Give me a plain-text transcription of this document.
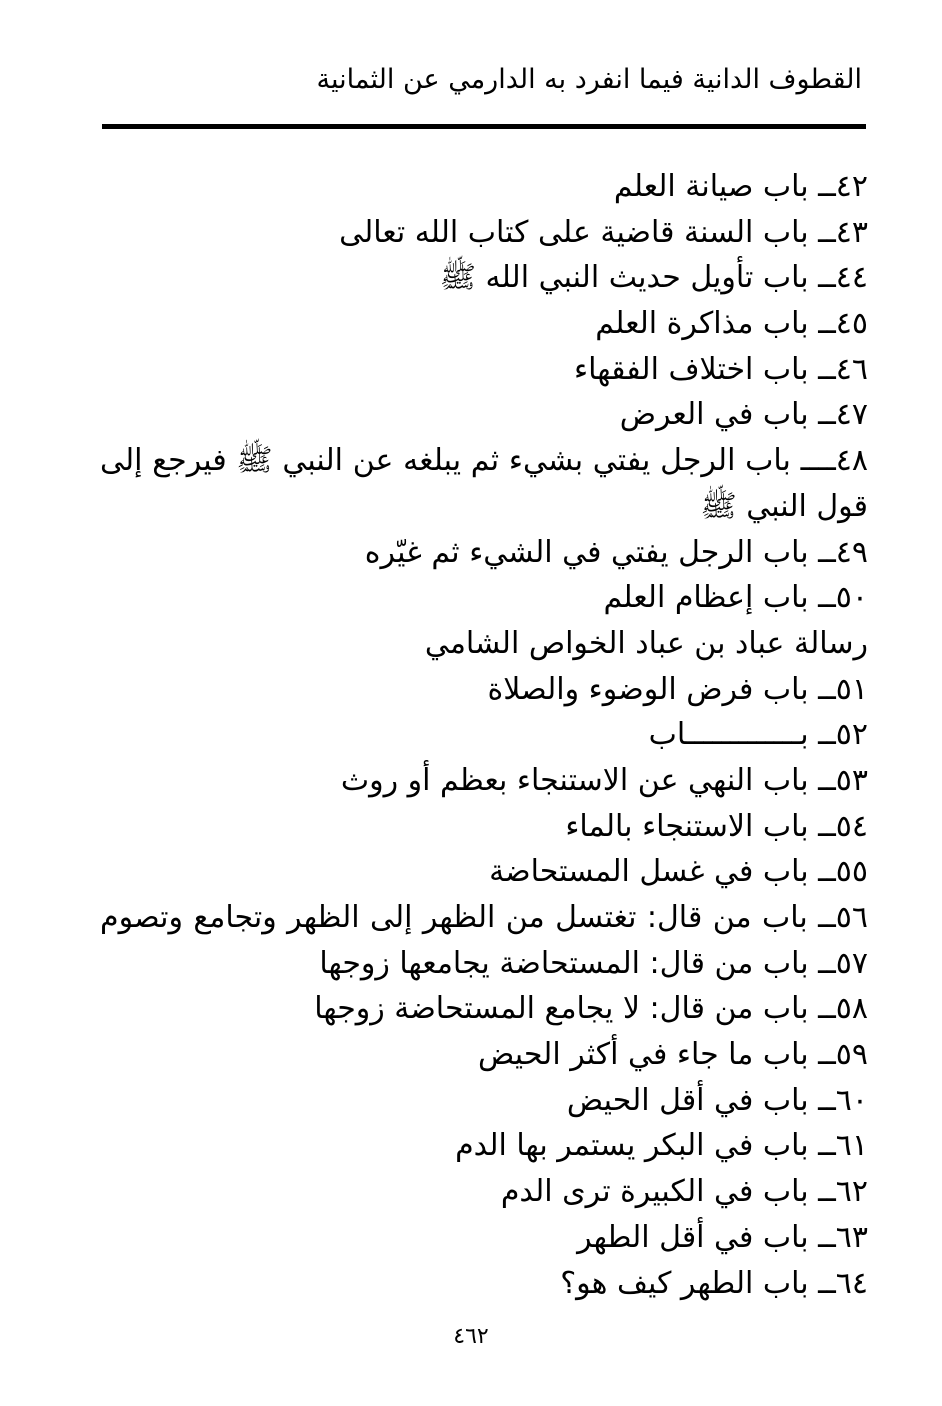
القطوف الدانية فيما انفرد به الدارمي عن الثمانية
٤٢ــ باب صيانة العلم
٤٣ــ باب السنة قاضية على كتاب الله تعالى
٤٤ــ باب تأويل حديث النبي الله ﷺ
٤٥ــ باب مذاكرة العلم
٤٦ــ باب اختلاف الفقهاء
٤٧ــ باب في العرض
٤٨ــــ باب الرجل يفتي بشيء ثم يبلغه عن النبي ﷺ فيرجع إلى
قول النبي ﷺ
٤٩ــ باب الرجل يفتي في الشيء ثم غيّره
٥٠ــ باب إعظام العلم
رسالة عباد بن عباد الخواص الشامي
٥١ــ باب فرض الوضوء والصلاة
٥٢ــ بـــــــــــــاب
٥٣ــ باب النهي عن الاستنجاء بعظم أو روث
٥٤ــ باب الاستنجاء بالماء
٥٥ــ باب في غسل المستحاضة
٥٦ــ باب من قال: تغتسل من الظهر إلى الظهر وتجامع وتصوم
٥٧ــ باب من قال: المستحاضة يجامعها زوجها
٥٨ــ باب من قال: لا يجامع المستحاضة زوجها
٥٩ــ باب ما جاء في أكثر الحيض
٦٠ــ باب في أقل الحيض
٦١ــ باب في البكر يستمر بها الدم
٦٢ــ باب في الكبيرة ترى الدم
٦٣ــ باب في أقل الطهر
٦٤ــ باب الطهر كيف هو؟
٤٦٢
